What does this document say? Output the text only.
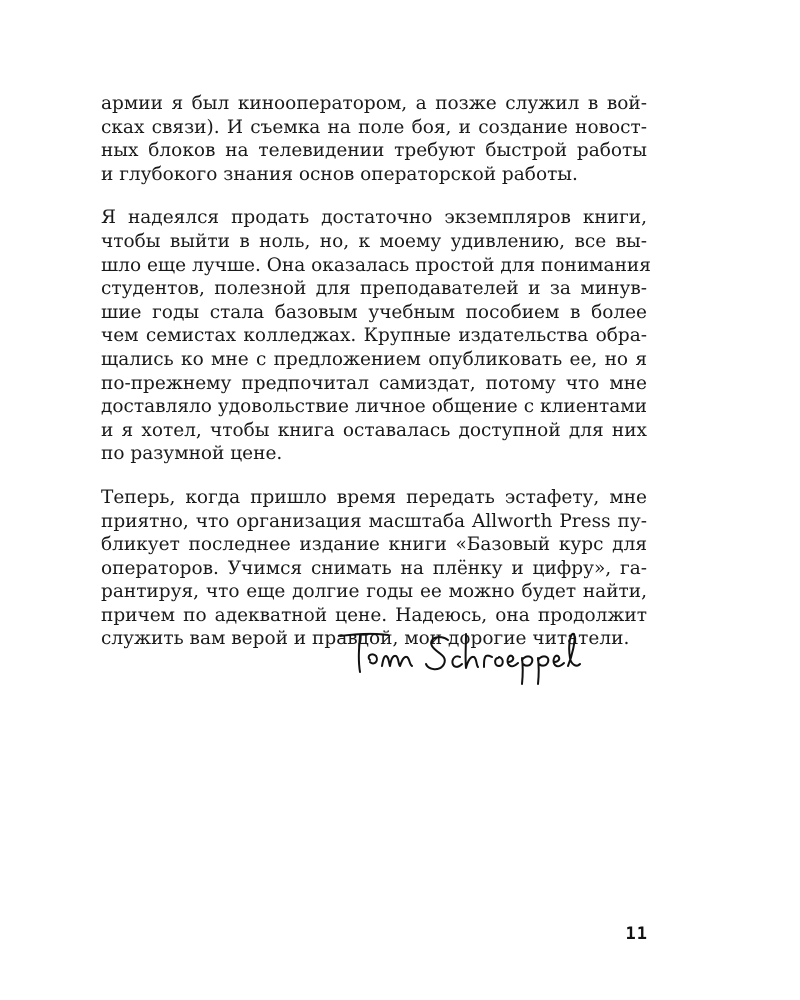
армии я был кинооператором, а позже служил в вой-
сках связи). И съемка на поле боя, и создание новост-
ных блоков на телевидении требуют быстрой работы
и глубокого знания основ операторской работы.

Я надеялся продать достаточно экземпляров книги,
чтобы выйти в ноль, но, к моему удивлению, все вы-
шло еще лучше. Она оказалась простой для понимания
студентов, полезной для преподавателей и за минув-
шие годы стала базовым учебным пособием в более
чем семистах колледжах. Крупные издательства обра-
щались ко мне с предложением опубликовать ее, но я
по-прежнему предпочитал самиздат, потому что мне
доставляло удовольствие личное общение с клиентами
и я хотел, чтобы книга оставалась доступной для них
по разумной цене.

Теперь, когда пришло время передать эстафету, мне
приятно, что организация масштаба Allworth Press пу-
бликует последнее издание книги «Базовый курс для
операторов. Учимся снимать на плёнку и цифру», га-
рантируя, что еще долгие годы ее можно будет найти,
причем по адекватной цене. Надеюсь, она продолжит
служить вам верой и правдой, мои дорогие читатели.

11
